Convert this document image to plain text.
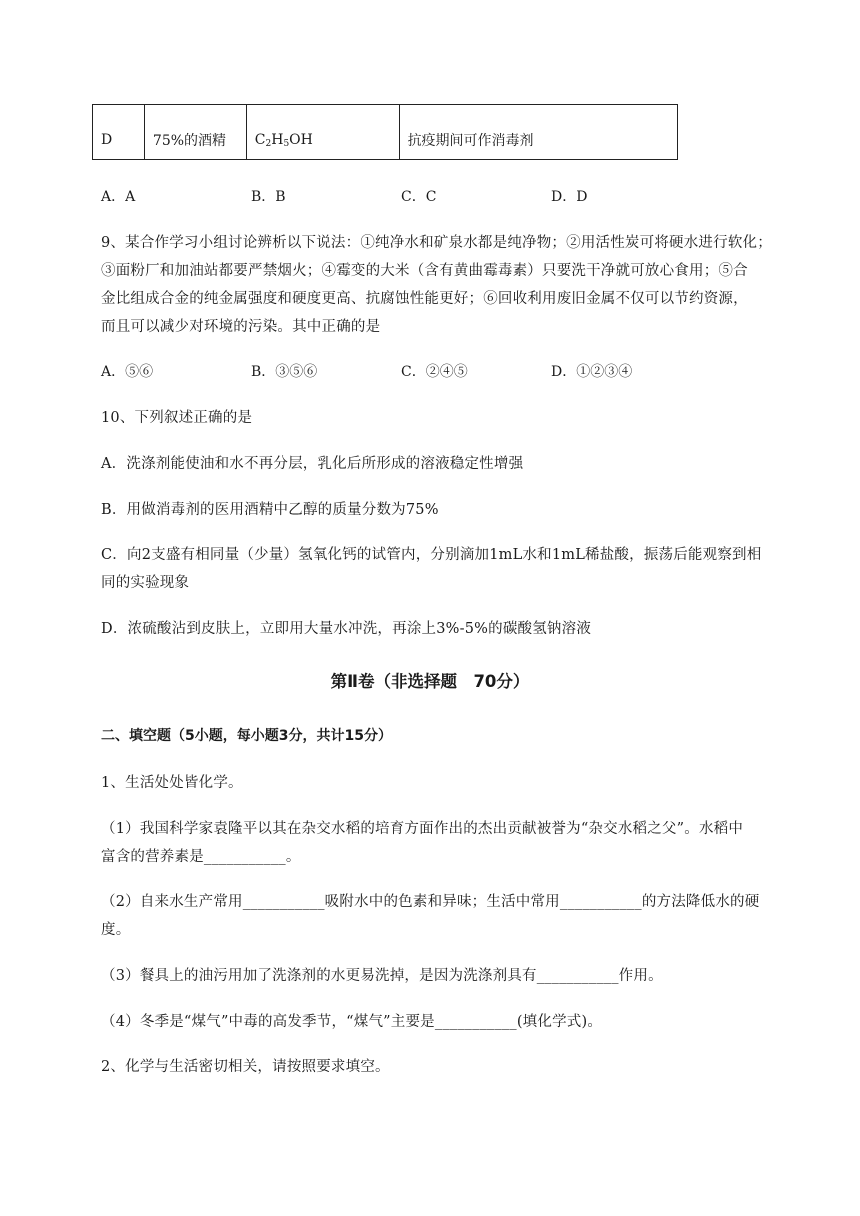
D	75%的酒精	$C_2H_5OH$	抗疫期间可作消毒剂
A．A	B．B	C．C	D．D
9、某合作学习小组讨论辨析以下说法：①纯净水和矿泉水都是纯净物；②用活性炭可将硬水进行软化；
③面粉厂和加油站都要严禁烟火；④霉变的大米（含有黄曲霉毒素）只要洗干净就可放心食用；⑤合
金比组成合金的纯金属强度和硬度更高、抗腐蚀性能更好；⑥回收利用废旧金属不仅可以节约资源，
而且可以减少对环境的污染。其中正确的是
A．⑤⑥	B．③⑤⑥	C．②④⑤	D．①②③④
10、下列叙述正确的是
A．洗涤剂能使油和水不再分层，乳化后所形成的溶液稳定性增强
B．用做消毒剂的医用酒精中乙醇的质量分数为75%
C．向2支盛有相同量（少量）氢氧化钙的试管内，分别滴加1mL水和1mL稀盐酸，振荡后能观察到相
同的实验现象
D．浓硫酸沾到皮肤上，立即用大量水冲洗，再涂上3%-5%的碳酸氢钠溶液
第Ⅱ卷（非选择题　70分）
二、填空题（5小题，每小题3分，共计15分）
1、生活处处皆化学。
（1）我国科学家袁隆平以其在杂交水稻的培育方面作出的杰出贡献被誉为“杂交水稻之父”。水稻中
富含的营养素是___________。
（2）自来水生产常用___________吸附水中的色素和异味；生活中常用___________的方法降低水的硬
度。
（3）餐具上的油污用加了洗涤剂的水更易洗掉，是因为洗涤剂具有___________作用。
（4）冬季是“煤气”中毒的高发季节，“煤气”主要是___________(填化学式)。
2、化学与生活密切相关，请按照要求填空。
